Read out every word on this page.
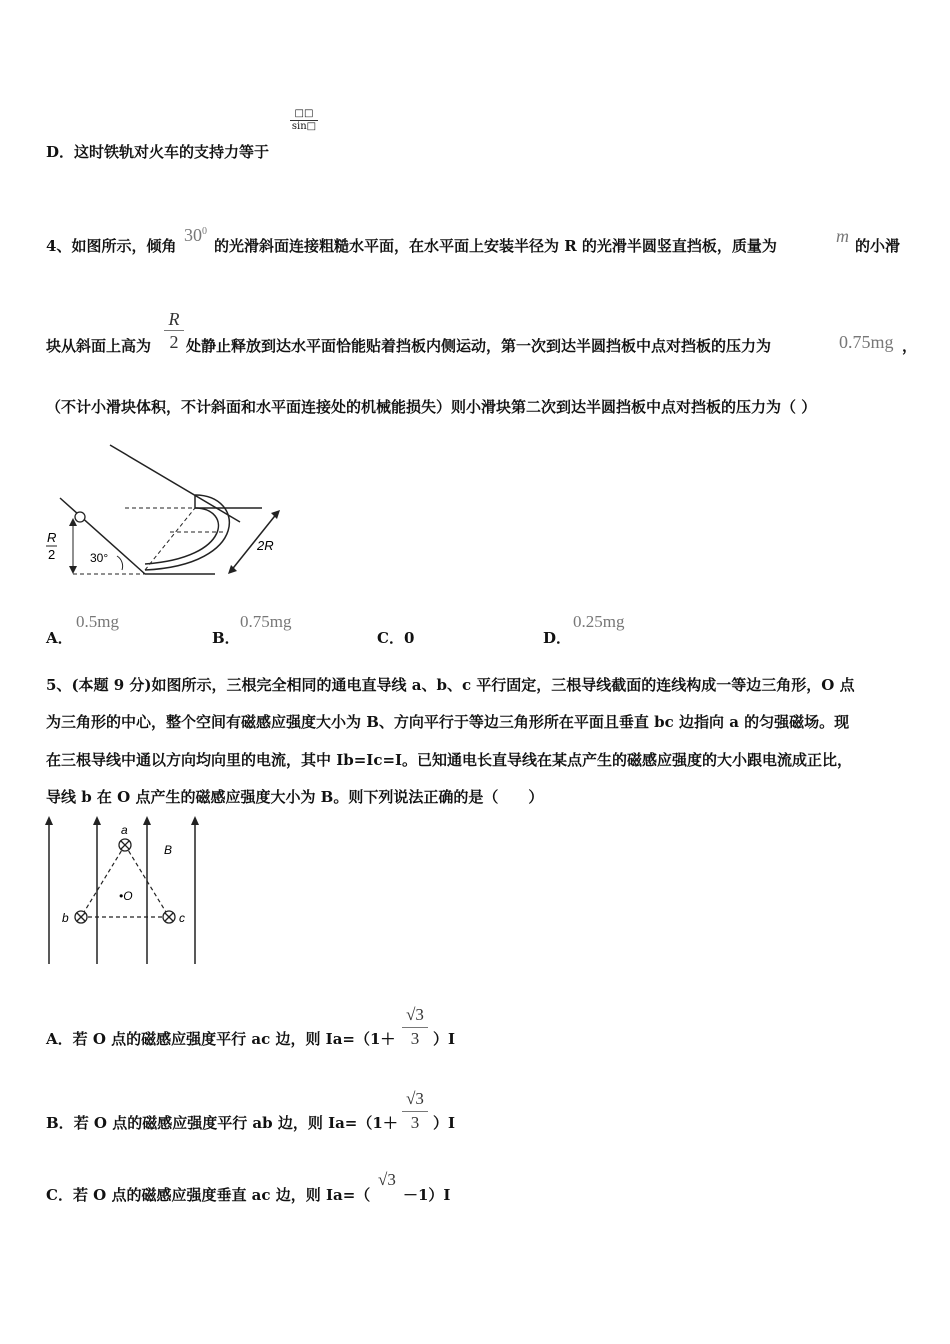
D．这时铁轨对火车的支持力等于
□□
sin□
4、如图所示，倾角
$30^0$
的光滑斜面连接粗糙水平面，在水平面上安装半径为 R 的光滑半圆竖直挡板，质量为	m 的小滑
块从斜面上高为 $\frac{R}{2}$ 处静止释放到达水平面恰能贴着挡板内侧运动，第一次到达半圆挡板中点对挡板的压力为	0.75mg ，
（不计小滑块体积，不计斜面和水平面连接处的机械能损失）则小滑块第二次到达半圆挡板中点对挡板的压力为（ ）
R
2	30°
2R
A．
0.5mg
B．
0.75mg
C．0	D．
0.25mg
5、(本题 9 分)如图所示，三根完全相同的通电直导线 a、b、c 平行固定，三根导线截面的连线构成一等边三角形，O 点
为三角形的中心，整个空间有磁感应强度大小为 B、方向平行于等边三角形所在平面且垂直 bc 边指向 a 的匀强磁场。现
在三根导线中通以方向均向里的电流，其中 Ib=Ic=I。已知通电长直导线在某点产生的磁感应强度的大小跟电流成正比，
导线 b 在 O 点产生的磁感应强度大小为 B。则下列说法正确的是（　　）
a
b	c
•O
B
A．若 O 点的磁感应强度平行 ac 边，则 $Ia=(1+ \frac{√3}{3} )I$
B．若 O 点的磁感应强度平行 ab 边，则 $Ia=(1+ \frac{√3}{3} )I$
C．若 O 点的磁感应强度垂直 ac 边，则 Ia=（
√3
－1）I
